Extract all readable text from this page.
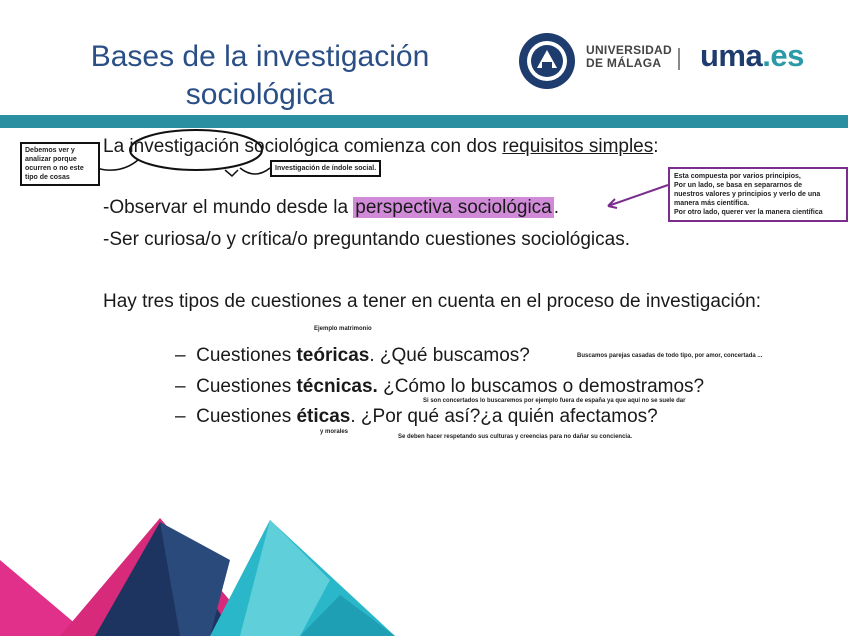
Bases de la investigación sociológica
UNIVERSIDAD
DE MÁLAGA	uma.es
Debemos ver y analizar porque ocurren o no este tipo de cosas
Investigación de índole social.
Esta compuesta por varios principios,
Por un lado, se basa en separarnos de
nuestros valores y principios y verlo de una
manera más científica.
Por otro lado, querer ver la manera científica
La investigación sociológica comienza con dos requisitos simples:
-Observar el mundo desde la perspectiva sociológica .
-Ser curiosa/o y crítica/o preguntando cuestiones sociológicas.
Hay tres tipos de cuestiones a tener en cuenta en el proceso de investigación:
Ejemplo matrimonio
– Cuestiones teóricas. ¿Qué buscamos?	Buscamos parejas casadas de todo tipo, por amor, concertada ...
– Cuestiones técnicas. ¿Cómo lo buscamos o demostramos?
Si son concertados lo buscaremos por ejemplo fuera de españa ya que aquí no se suele dar
– Cuestiones éticas. ¿Por qué así?¿a quién afectamos?
y morales
Se deben hacer respetando sus culturas y creencias para no dañar su conciencia.
